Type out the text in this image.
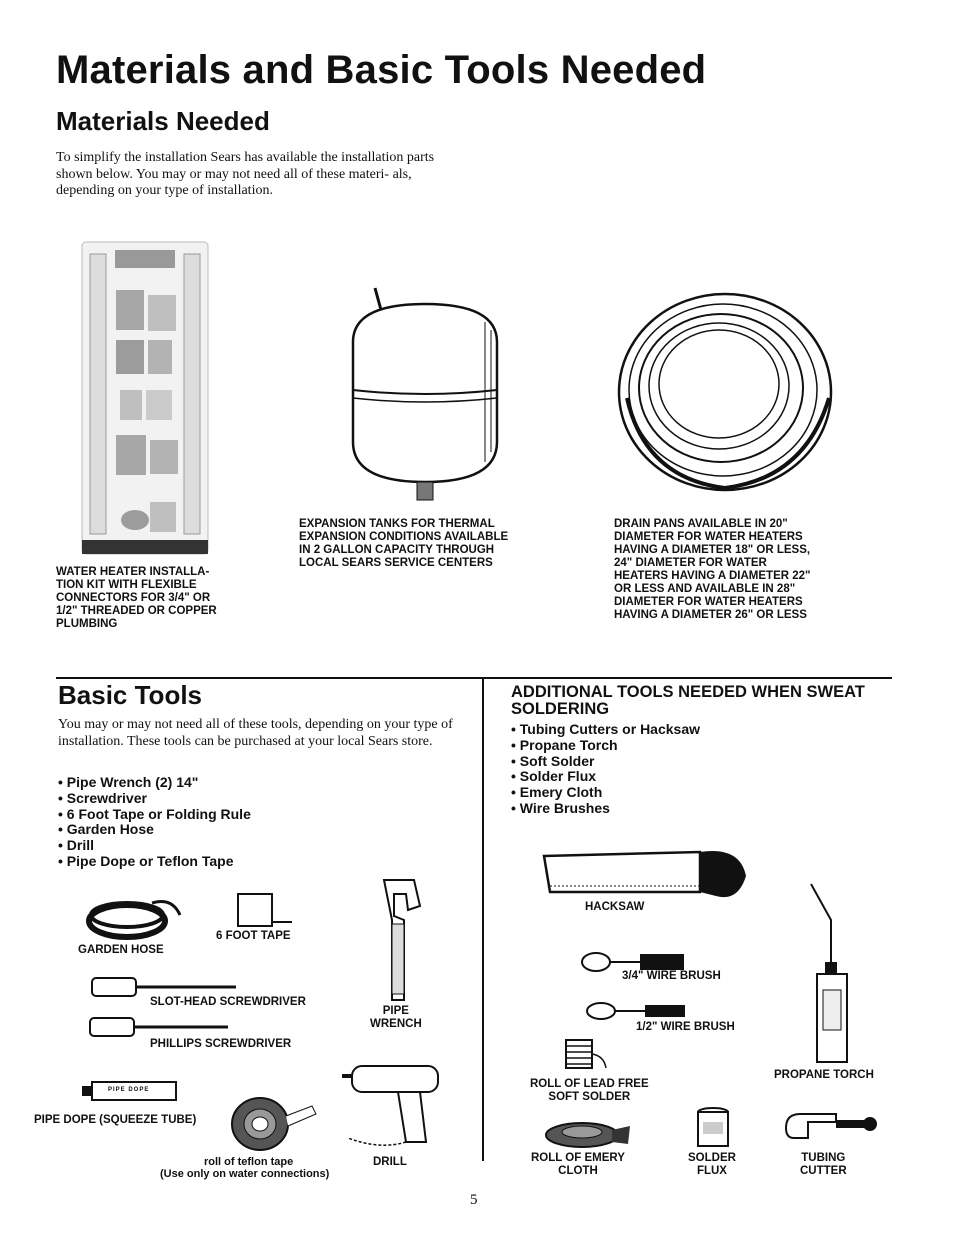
Materials and Basic Tools Needed
Materials Needed
To simplify the installation Sears has available the installation parts shown below. You may or may not need all of these materi- als, depending on your type of installation.
WATER HEATER INSTALLA-
TION KIT WITH FLEXIBLE
CONNECTORS FOR 3/4" OR
1/2" THREADED OR COPPER
PLUMBING
EXPANSION TANKS FOR THERMAL
EXPANSION CONDITIONS AVAILABLE
IN 2 GALLON CAPACITY THROUGH
LOCAL SEARS SERVICE CENTERS
DRAIN PANS AVAILABLE IN 20"
DIAMETER FOR WATER HEATERS
HAVING A DIAMETER 18" OR LESS,
24" DIAMETER FOR WATER
HEATERS HAVING A DIAMETER 22"
OR LESS AND AVAILABLE IN 28"
DIAMETER FOR WATER HEATERS
HAVING A DIAMETER 26" OR LESS
Basic Tools
You may or may not need all of these tools, depending on your type of installation. These tools can be purchased at your local Sears store.
• Pipe Wrench (2) 14"
• Screwdriver
• 6 Foot Tape or Folding Rule
• Garden Hose
• Drill
• Pipe Dope or Teflon Tape
GARDEN HOSE
6 FOOT TAPE
PIPE
WRENCH
SLOT-HEAD SCREWDRIVER
PHILLIPS SCREWDRIVER
PIPE DOPE
PIPE DOPE (SQUEEZE TUBE)
roll of teflon tape
(Use only on water connections)
DRILL
ADDITIONAL TOOLS NEEDED WHEN SWEAT SOLDERING
• Tubing Cutters or Hacksaw
• Propane Torch
• Soft Solder
• Solder Flux
• Emery Cloth
• Wire Brushes
HACKSAW
3/4" WIRE BRUSH
1/2" WIRE BRUSH
PROPANE TORCH
ROLL OF LEAD FREE
SOFT SOLDER
ROLL OF EMERY
CLOTH
SOLDER
FLUX
TUBING
CUTTER
5
